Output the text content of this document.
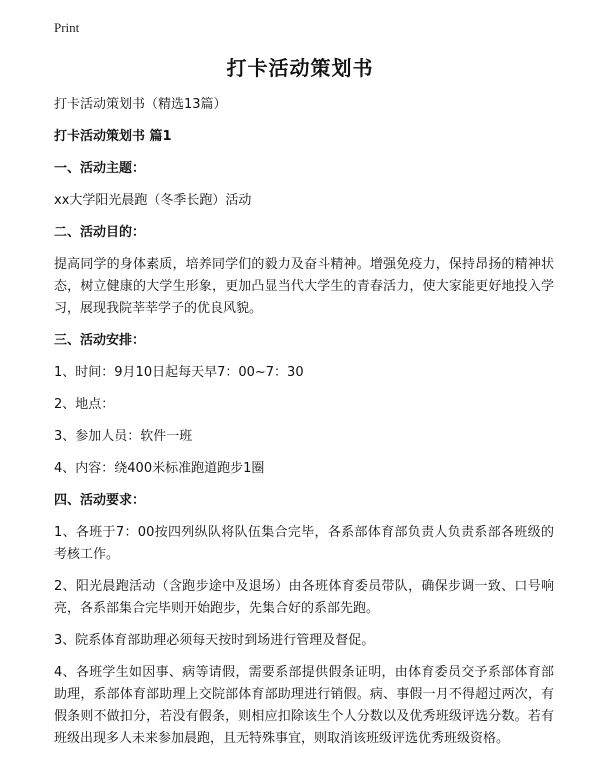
Print
打卡活动策划书
打卡活动策划书（精选13篇）
打卡活动策划书 篇1
一、活动主题：
xx大学阳光晨跑（冬季长跑）活动
二、活动目的：
提高同学的身体素质，培养同学们的毅力及奋斗精神。增强免疫力，保持昂扬的精神状态，树立健康的大学生形象，更加凸显当代大学生的青春活力，使大家能更好地投入学习，展现我院莘莘学子的优良风貌。
三、活动安排：
1、时间：9月10日起每天早7：00~7：30
2、地点：
3、参加人员：软件一班
4、内容：绕400米标准跑道跑步1圈
四、活动要求：
1、各班于7：00按四列纵队将队伍集合完毕，各系部体育部负责人负责系部各班级的考核工作。
2、阳光晨跑活动（含跑步途中及退场）由各班体育委员带队，确保步调一致、口号响亮，各系部集合完毕则开始跑步，先集合好的系部先跑。
3、院系体育部助理必须每天按时到场进行管理及督促。
4、各班学生如因事、病等请假，需要系部提供假条证明，由体育委员交予系部体育部助理，系部体育部助理上交院部体育部助理进行销假。病、事假一月不得超过两次，有假条则不做扣分，若没有假条，则相应扣除该生个人分数以及优秀班级评选分数。若有班级出现多人未来参加晨跑，且无特殊事宜，则取消该班级评选优秀班级资格。
